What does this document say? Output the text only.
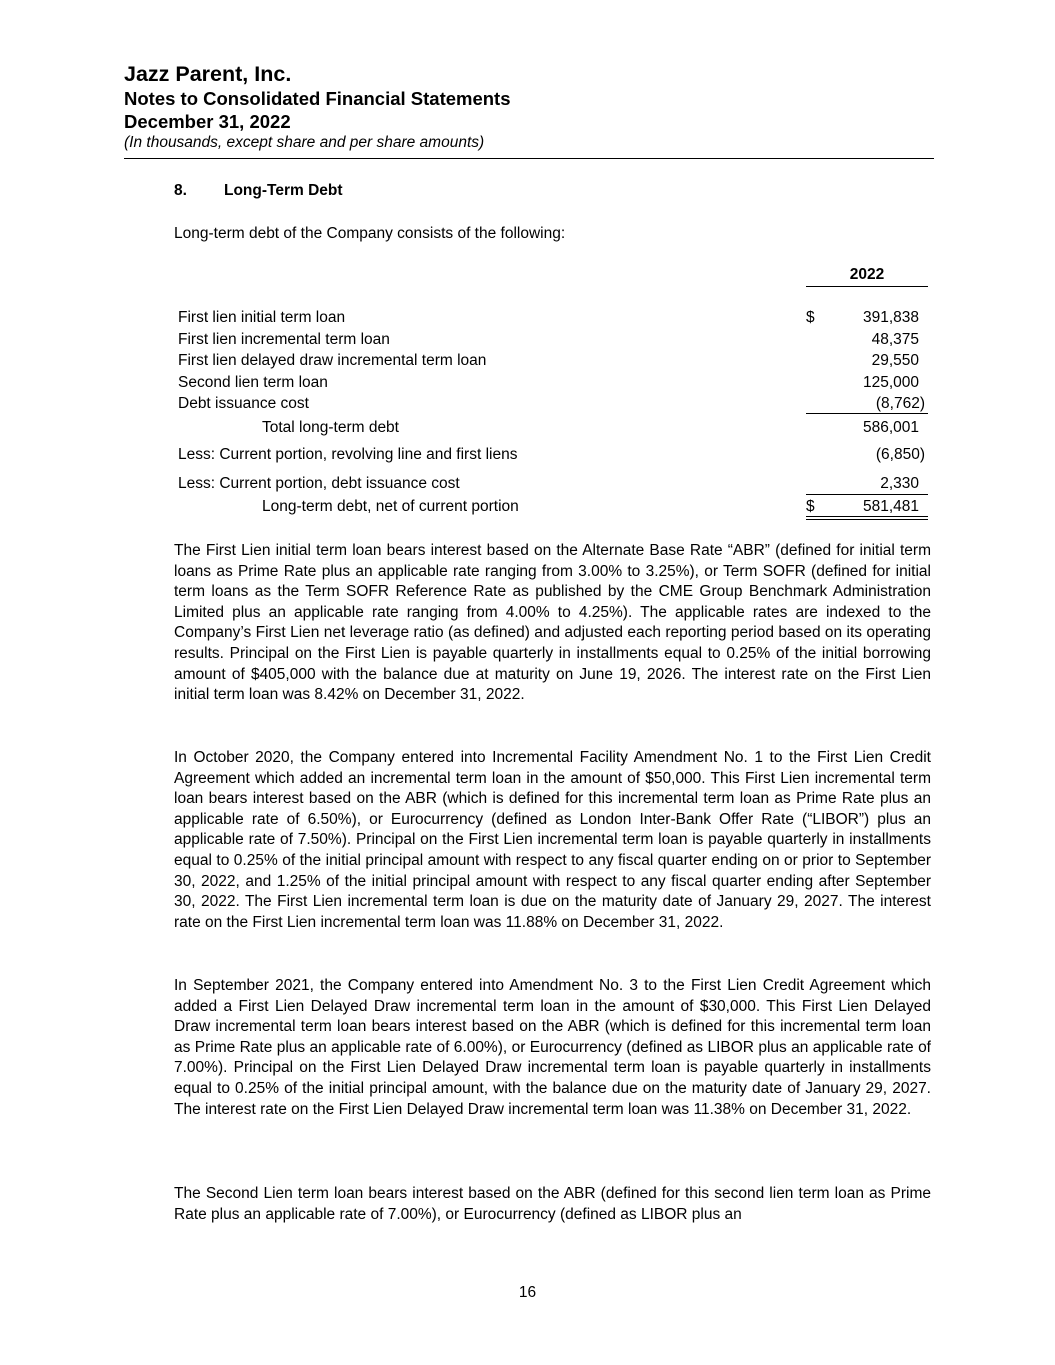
Jazz Parent, Inc.
Notes to Consolidated Financial Statements
December 31, 2022
(In thousands, except share and per share amounts)
8. Long-Term Debt
Long-term debt of the Company consists of the following:
2022
First lien initial term loan	$	391,838
First lien incremental term loan	48,375
First lien delayed draw incremental term loan	29,550
Second lien term loan	125,000
Debt issuance cost	(8,762)
Total long-term debt	586,001
Less: Current portion, revolving line and first liens	(6,850)
Less: Current portion, debt issuance cost	2,330
Long-term debt, net of current portion	$	581,481

The First Lien initial term loan bears interest based on the Alternate Base Rate “ABR” (defined for initial term loans as Prime Rate plus an applicable rate ranging from 3.00% to 3.25%), or Term SOFR (defined for initial term loans as the Term SOFR Reference Rate as published by the CME Group Benchmark Administration Limited plus an applicable rate ranging from 4.00% to 4.25%). The applicable rates are indexed to the Company’s First Lien net leverage ratio (as defined) and adjusted each reporting period based on its operating results. Principal on the First Lien is payable quarterly in installments equal to 0.25% of the initial borrowing amount of $405,000 with the balance due at maturity on June 19, 2026. The interest rate on the First Lien initial term loan was 8.42% on December 31, 2022.

In October 2020, the Company entered into Incremental Facility Amendment No. 1 to the First Lien Credit Agreement which added an incremental term loan in the amount of $50,000. This First Lien incremental term loan bears interest based on the ABR (which is defined for this incremental term loan as Prime Rate plus an applicable rate of 6.50%), or Eurocurrency (defined as London Inter-Bank Offer Rate (“LIBOR”) plus an applicable rate of 7.50%). Principal on the First Lien incremental term loan is payable quarterly in installments equal to 0.25% of the initial principal amount with respect to any fiscal quarter ending on or prior to September 30, 2022, and 1.25% of the initial principal amount with respect to any fiscal quarter ending after September 30, 2022. The First Lien incremental term loan is due on the maturity date of January 29, 2027. The interest rate on the First Lien incremental term loan was 11.88% on December 31, 2022.

In September 2021, the Company entered into Amendment No. 3 to the First Lien Credit Agreement which added a First Lien Delayed Draw incremental term loan in the amount of $30,000. This First Lien Delayed Draw incremental term loan bears interest based on the ABR (which is defined for this incremental term loan as Prime Rate plus an applicable rate of 6.00%), or Eurocurrency (defined as LIBOR plus an applicable rate of 7.00%). Principal on the First Lien Delayed Draw incremental term loan is payable quarterly in installments equal to 0.25% of the initial principal amount, with the balance due on the maturity date of January 29, 2027. The interest rate on the First Lien Delayed Draw incremental term loan was 11.38% on December 31, 2022.

The Second Lien term loan bears interest based on the ABR (defined for this second lien term loan as Prime Rate plus an applicable rate of 7.00%), or Eurocurrency (defined as LIBOR plus an

16
